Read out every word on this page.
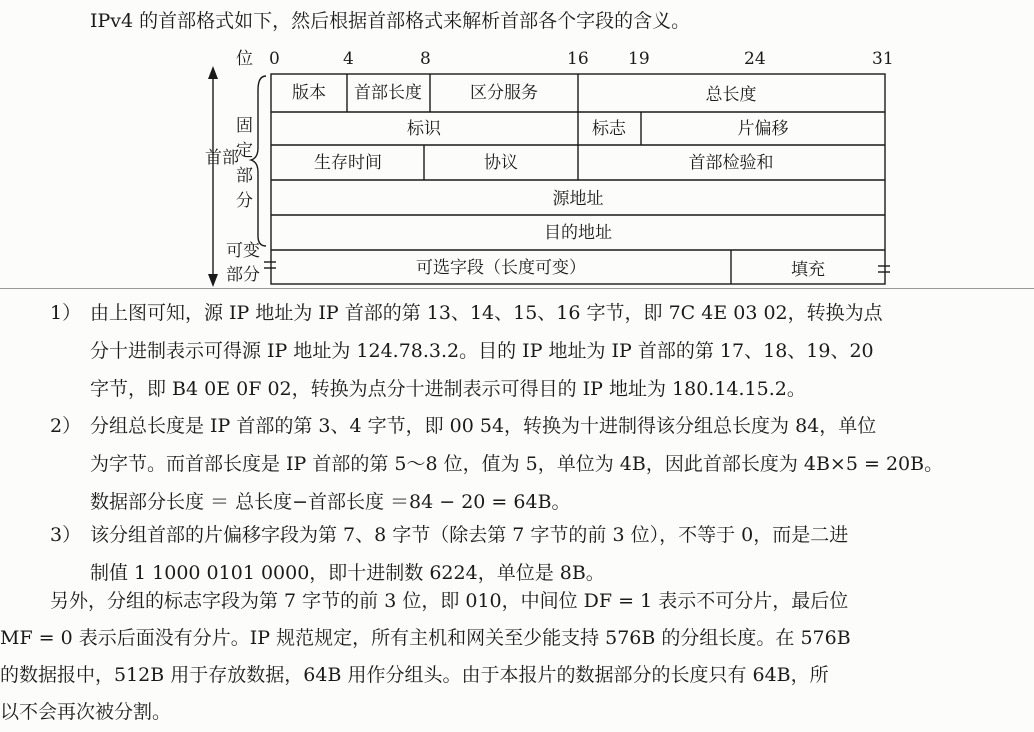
IPv4 的首部格式如下，然后根据首部格式来解析首部各个字段的含义。
位 0	4	8	16 19	24	31
版本 首部长度	区分服务	总长度
标识	标志	片偏移
生存时间	协议	首部检验和
源地址
目的地址
可选字段（长度可变）	填充
首部
固 定 部 分
可变
部分
1） 由上图可知，源 IP 地址为 IP 首部的第 13、14、15、16 字节，即 7C 4E 03 02，转换为点
分十进制表示可得源 IP 地址为 124.78.3.2。目的 IP 地址为 IP 首部的第 17、18、19、20
字节，即 B4 0E 0F 02，转换为点分十进制表示可得目的 IP 地址为 180.14.15.2。
2） 分组总长度是 IP 首部的第 3、4 字节，即 00 54，转换为十进制得该分组总长度为 84，单位
为字节。而首部长度是 IP 首部的第 5～8 位，值为 5，单位为 4B，因此首部长度为 4B×5 = 20B。
数据部分长度 ＝ 总长度−首部长度 ＝84 − 20 = 64B。
3） 该分组首部的片偏移字段为第 7、8 字节（除去第 7 字节的前 3 位），不等于 0，而是二进
制值 1 1000 0101 0000，即十进制数 6224，单位是 8B。
另外，分组的标志字段为第 7 字节的前 3 位，即 010，中间位 DF = 1 表示不可分片，最后位
MF = 0 表示后面没有分片。IP 规范规定，所有主机和网关至少能支持 576B 的分组长度。在 576B
的数据报中，512B 用于存放数据，64B 用作分组头。由于本报片的数据部分的长度只有 64B，所
以不会再次被分割。
